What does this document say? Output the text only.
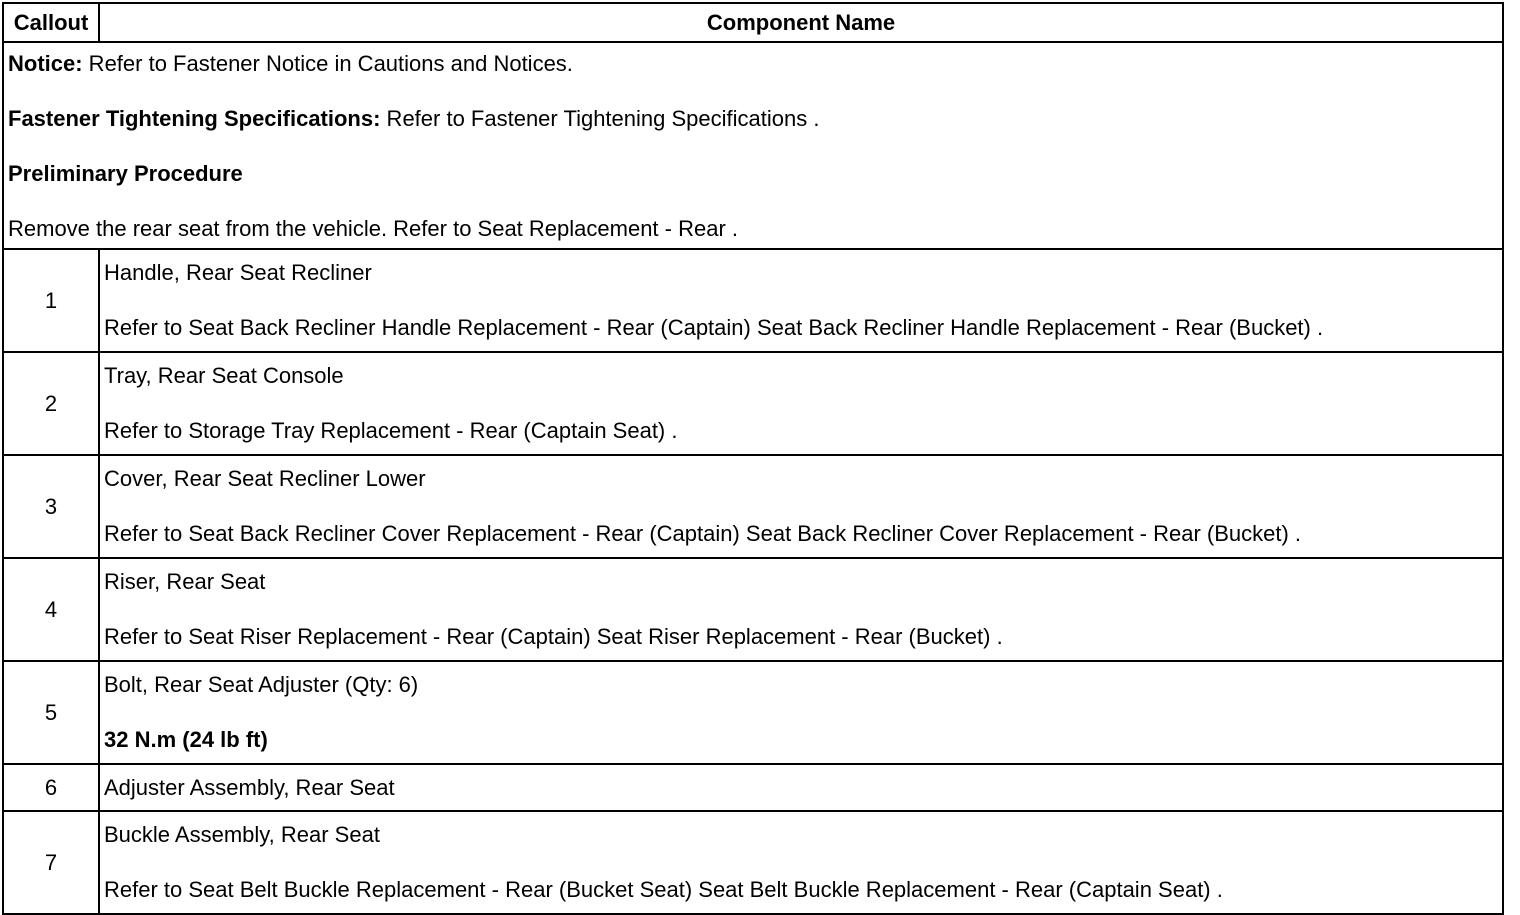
Callout	Component Name

Notice: Refer to Fastener Notice in Cautions and Notices.

Fastener Tightening Specifications: Refer to Fastener Tightening Specifications .

Preliminary Procedure

Remove the rear seat from the vehicle. Refer to Seat Replacement - Rear .	

1	Handle, Rear Seat Recliner

Refer to Seat Back Recliner Handle Replacement - Rear (Captain) Seat Back Recliner Handle Replacement - Rear (Bucket) .

2	Tray, Rear Seat Console

Refer to Storage Tray Replacement - Rear (Captain Seat) .

3	Cover, Rear Seat Recliner Lower

Refer to Seat Back Recliner Cover Replacement - Rear (Captain) Seat Back Recliner Cover Replacement - Rear (Bucket) .

4	Riser, Rear Seat

Refer to Seat Riser Replacement - Rear (Captain) Seat Riser Replacement - Rear (Bucket) .

5	Bolt, Rear Seat Adjuster (Qty: 6)

32 N.m (24 lb ft)

6	Adjuster Assembly, Rear Seat

7	Buckle Assembly, Rear Seat

Refer to Seat Belt Buckle Replacement - Rear (Bucket Seat) Seat Belt Buckle Replacement - Rear (Captain Seat) .
